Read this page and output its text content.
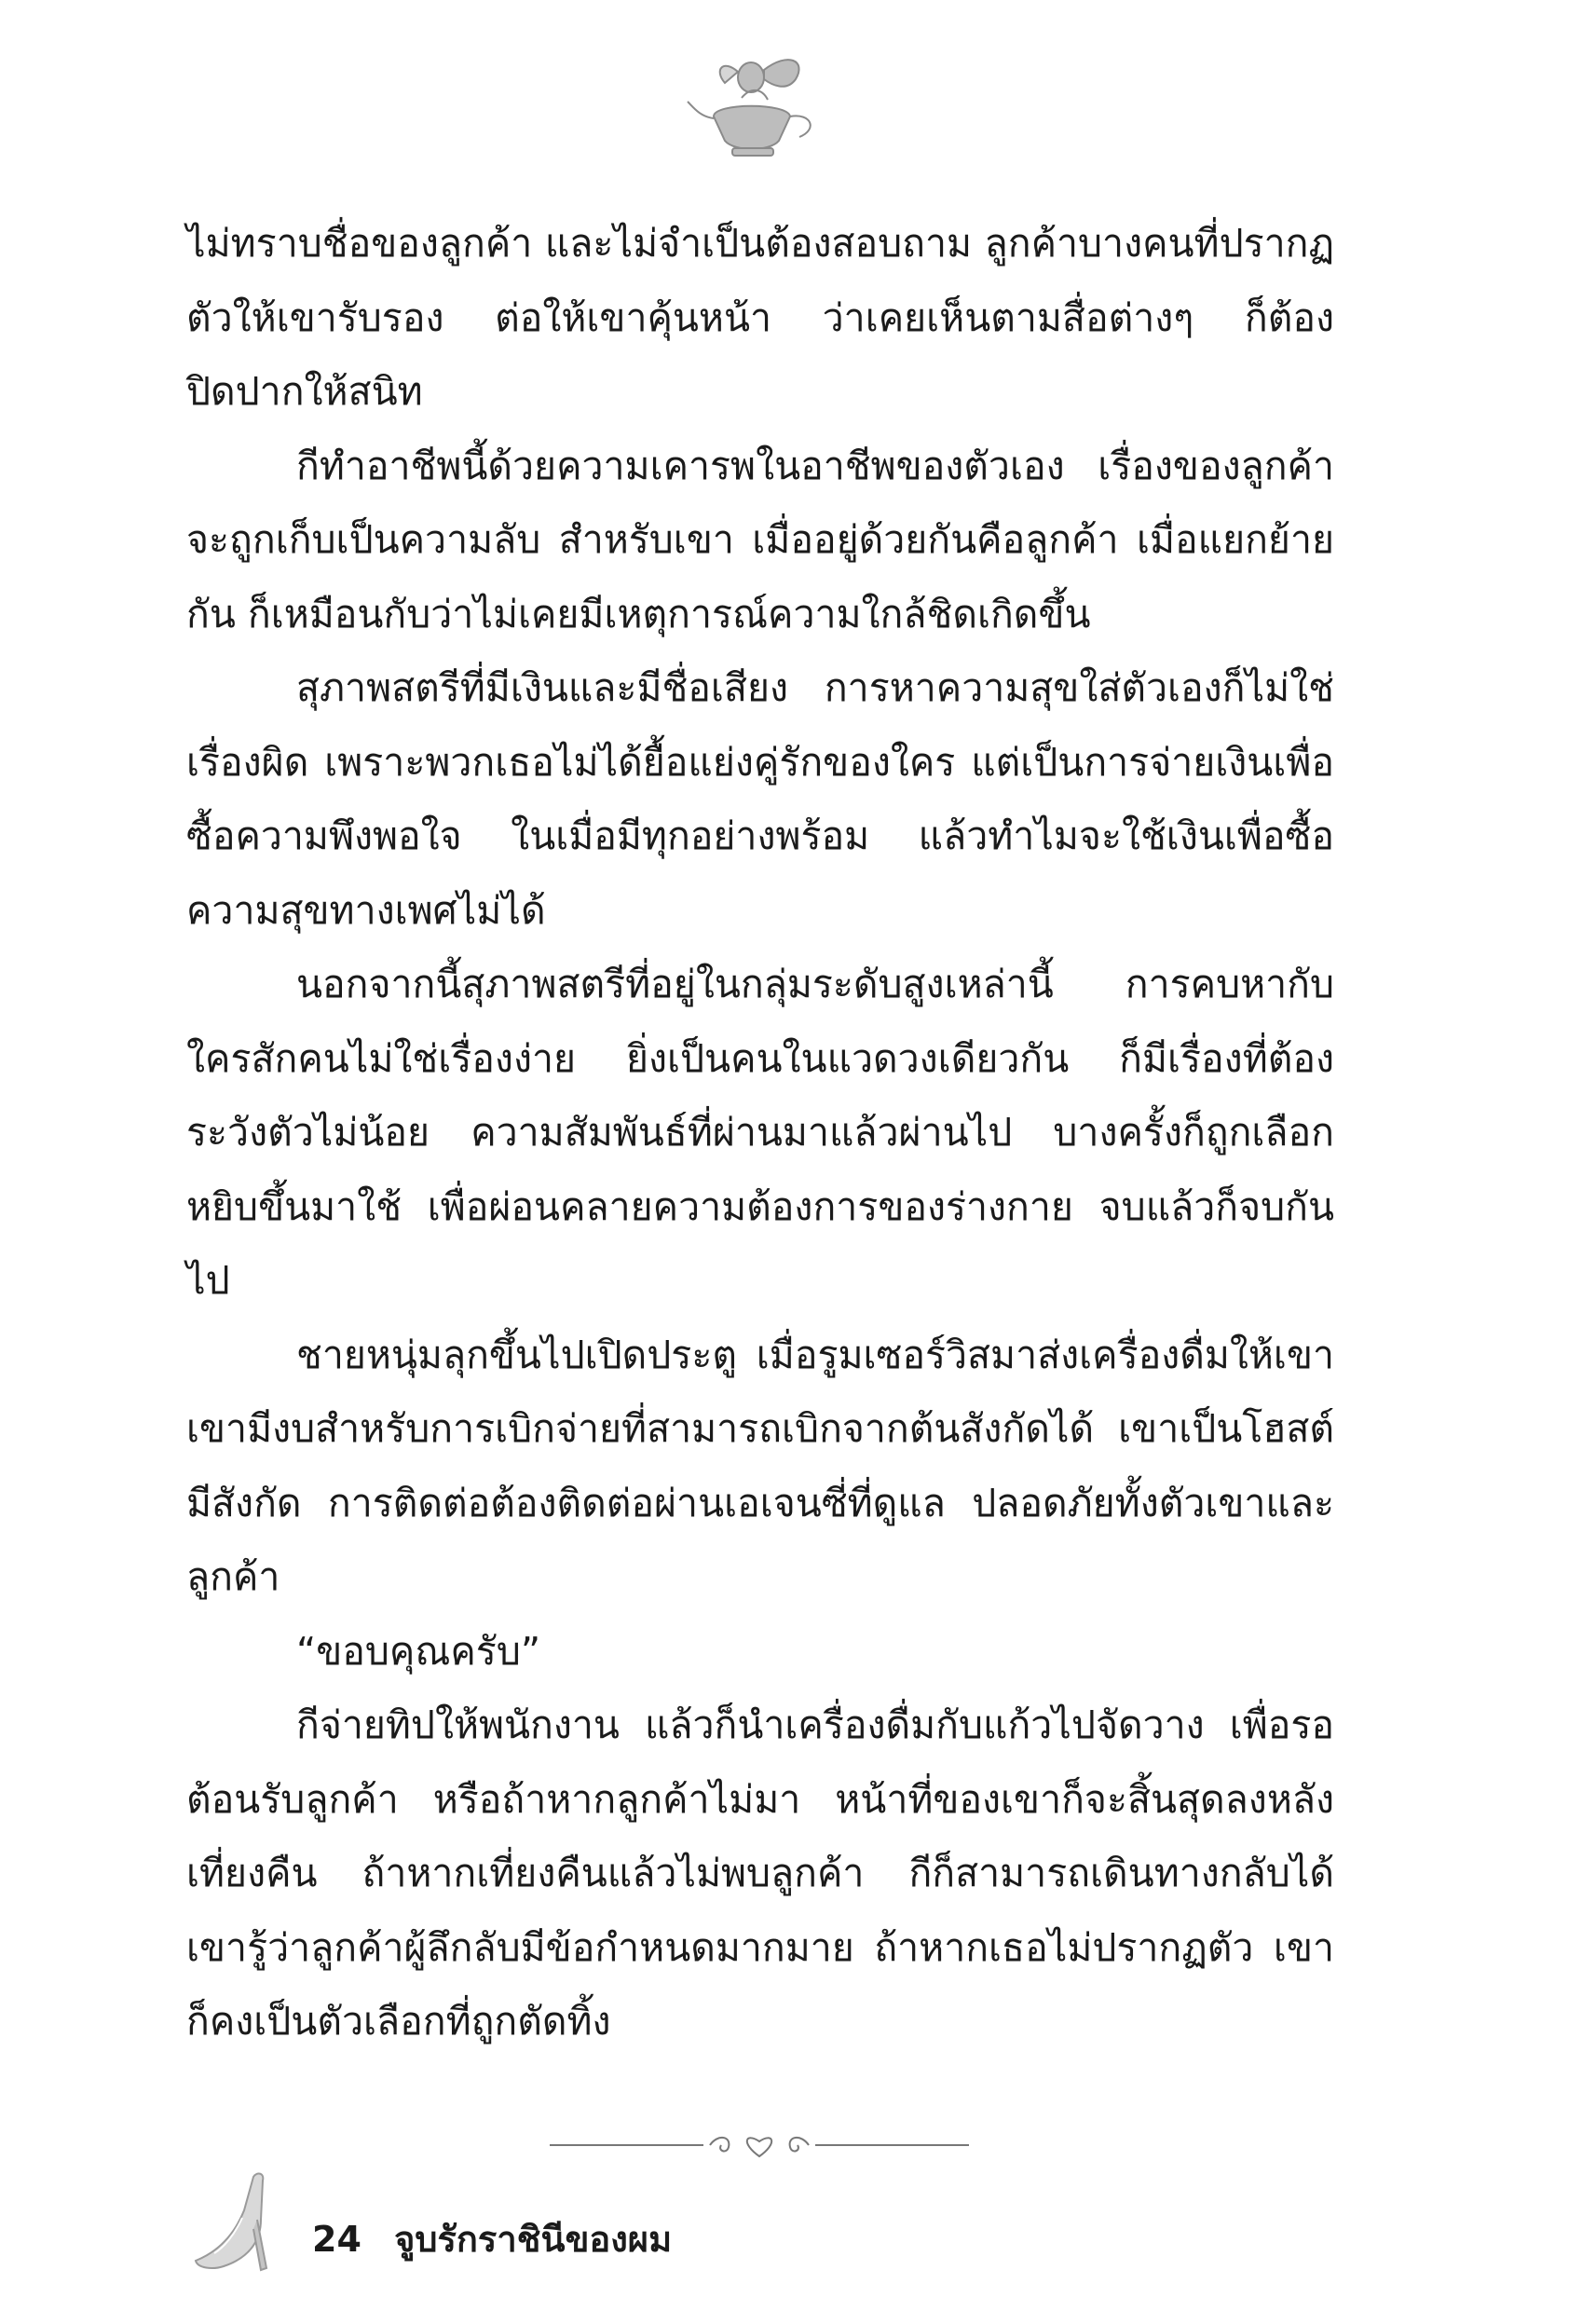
ไม่ทราบชื่อของลูกค้า และไม่จำเป็นต้องสอบถาม ลูกค้าบางคนที่ปรากฏตัวให้เขารับรอง ต่อให้เขาคุ้นหน้า ว่าเคยเห็นตามสื่อต่างๆ ก็ต้องปิดปากให้สนิท

กีทำอาชีพนี้ด้วยความเคารพในอาชีพของตัวเอง เรื่องของลูกค้าจะถูกเก็บเป็นความลับ สำหรับเขา เมื่ออยู่ด้วยกันคือลูกค้า เมื่อแยกย้ายกัน ก็เหมือนกับว่าไม่เคยมีเหตุการณ์ความใกล้ชิดเกิดขึ้น

สุภาพสตรีที่มีเงินและมีชื่อเสียง การหาความสุขใส่ตัวเองก็ไม่ใช่เรื่องผิด เพราะพวกเธอไม่ได้ยื้อแย่งคู่รักของใคร แต่เป็นการจ่ายเงินเพื่อซื้อความพึงพอใจ ในเมื่อมีทุกอย่างพร้อม แล้วทำไมจะใช้เงินเพื่อซื้อความสุขทางเพศไม่ได้

นอกจากนี้สุภาพสตรีที่อยู่ในกลุ่มระดับสูงเหล่านี้ การคบหากับใครสักคนไม่ใช่เรื่องง่าย ยิ่งเป็นคนในแวดวงเดียวกัน ก็มีเรื่องที่ต้องระวังตัวไม่น้อย ความสัมพันธ์ที่ผ่านมาแล้วผ่านไป บางครั้งก็ถูกเลือกหยิบขึ้นมาใช้ เพื่อผ่อนคลายความต้องการของร่างกาย จบแล้วก็จบกันไป

ชายหนุ่มลุกขึ้นไปเปิดประตู เมื่อรูมเซอร์วิสมาส่งเครื่องดื่มให้เขา เขามีงบสำหรับการเบิกจ่ายที่สามารถเบิกจากต้นสังกัดได้ เขาเป็นโฮสต์มีสังกัด การติดต่อต้องติดต่อผ่านเอเจนซี่ที่ดูแล ปลอดภัยทั้งตัวเขาและลูกค้า

“ขอบคุณครับ”

กีจ่ายทิปให้พนักงาน แล้วก็นำเครื่องดื่มกับแก้วไปจัดวาง เพื่อรอต้อนรับลูกค้า หรือถ้าหากลูกค้าไม่มา หน้าที่ของเขาก็จะสิ้นสุดลงหลังเที่ยงคืน ถ้าหากเที่ยงคืนแล้วไม่พบลูกค้า กีก็สามารถเดินทางกลับได้ เขารู้ว่าลูกค้าผู้ลึกลับมีข้อกำหนดมากมาย ถ้าหากเธอไม่ปรากฏตัว เขาก็คงเป็นตัวเลือกที่ถูกตัดทิ้ง

24 จูบรักราชินีของผม
